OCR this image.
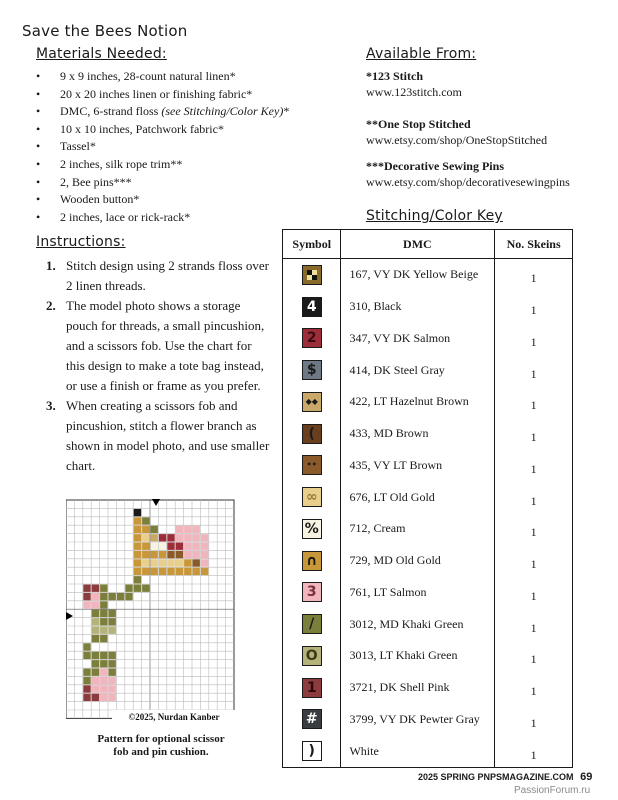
Save the Bees Notion
Materials Needed:
• 9 x 9 inches, 28-count natural linen*
• 20 x 20 inches linen or finishing fabric*
• DMC, 6-strand floss (see Stitching/Color Key)*
• 10 x 10 inches, Patchwork fabric*
• Tassel*
• 2 inches, silk rope trim**
• 2, Bee pins***
• Wooden button*
• 2 inches, lace or rick-rack*
Available From:
*123 Stitch
www.123stitch.com
**One Stop Stitched
www.etsy.com/shop/OneStopStitched
***Decorative Sewing Pins
www.etsy.com/shop/decorativesewingpins
Stitching/Color Key
Instructions:
1. Stitch design using 2 strands floss over 2 linen threads.
2. The model photo shows a storage pouch for threads, a small pincushion, and a scissors fob. Use the chart for this design to make a tote bag instead, or use a finish or frame as you prefer.
3. When creating a scissors fob and pincushion, stitch a flower branch as shown in model photo, and use smaller chart.
©2025, Nurdan Kanber
Pattern for optional scissor
fob and pin cushion.
Symbol	DMC	No. Skeins

	167, VY DK Yellow Beige	1

4	310, Black	1

2	347, VY DK Salmon	1

$	414, DK Steel Gray	1

◆◆	422, LT Hazelnut Brown	1

(	433, MD Brown	1

••	435, VY LT Brown	1

∞	676, LT Old Gold	1

%	712, Cream	1

∩	729, MD Old Gold	1

3	761, LT Salmon	1

/	3012, MD Khaki Green	1

O	3013, LT Khaki Green	1

1	3721, DK Shell Pink	1

#	3799, VY DK Pewter Gray	1

)	White	1
2025 SPRING PNPSMAGAZINE.COM 69
PassionForum.ru
